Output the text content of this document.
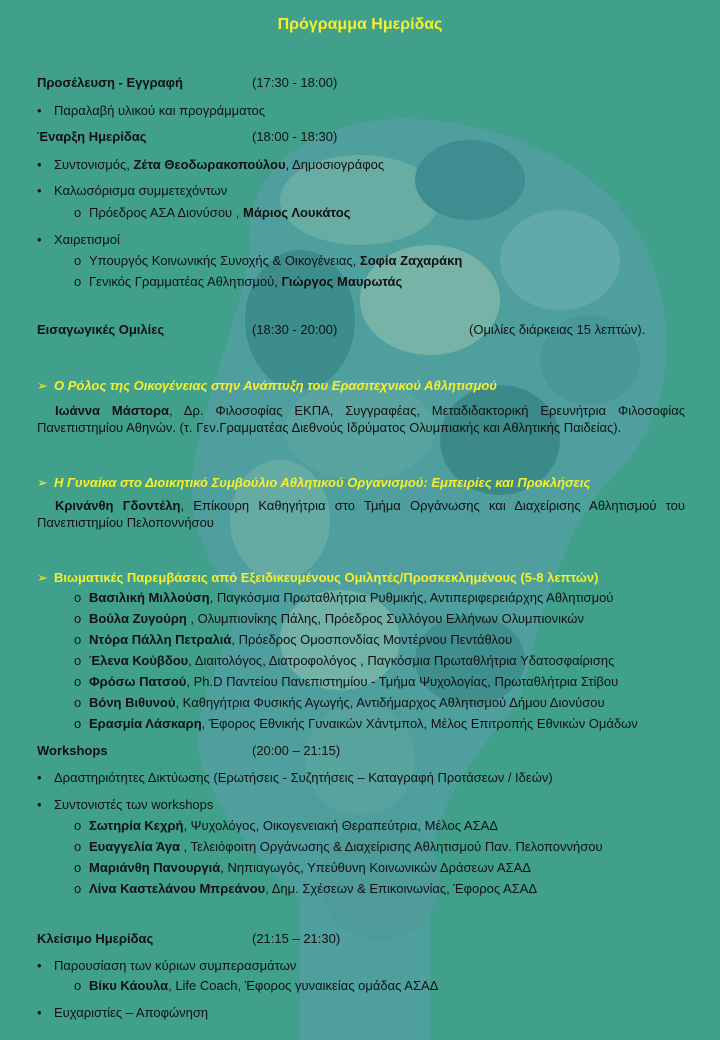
Πρόγραμμα Ημερίδας
Προσέλευση - Εγγραφή	(17:30 - 18:00)
• Παραλαβή υλικού και προγράμματος
Έναρξη Ημερίδας	(18:00 - 18:30)
• Συντονισμός, Ζέτα Θεοδωρακοπούλου, Δημοσιογράφος
• Καλωσόρισμα συμμετεχόντων
o Πρόεδρος ΑΣΑ Διονύσου , Μάριος Λουκάτος
• Χαιρετισμοί
o Υπουργός Κοινωνικής Συνοχής & Οικογένειας, Σοφία Ζαχαράκη
o Γενικός Γραμματέας Αθλητισμού, Γιώργος Μαυρωτάς
Εισαγωγικές Ομιλίες	(18:30 - 20:00)	(Ομιλίες διάρκειας 15 λεπτών).
➢ Ο Ρόλος της Οικογένειας στην Ανάπτυξη του Ερασιτεχνικού Αθλητισμού
Ιωάννα Μάστορα, Δρ. Φιλοσοφίας ΕΚΠΑ, Συγγραφέας, Μεταδιδακτορική Ερευνήτρια Φιλοσοφίας Πανεπιστημίου Αθηνών. (τ. Γεν.Γραμματέας Διεθνούς Ιδρύματος Ολυμπιακής και Αθλητικής Παιδείας).
➢ Η Γυναίκα στο Διοικητικό Συμβούλιο Αθλητικού Οργανισμού: Εμπειρίες και Προκλήσεις
Κρινάνθη Γδοντέλη, Επίκουρη Καθηγήτρια στο Τμήμα Οργάνωσης και Διαχείρισης Αθλητισμού του Πανεπιστημίου Πελοποννήσου
➢ Βιωματικές Παρεμβάσεις από Εξειδικευμένους Ομιλητές/Προσκεκλημένους (5-8 λεπτών)
o Βασιλική Μιλλούση, Παγκόσμια Πρωταθλήτρια Ρυθμικής, Αντιπεριφερειάρχης Αθλητισμού
o Βούλα Ζυγούρη , Ολυμπιονίκης Πάλης, Πρόεδρος Συλλόγου Ελλήνων Ολυμπιονικών
o Ντόρα Πάλλη Πετραλιά, Πρόεδρος Ομοσπονδίας Μοντέρνου Πεντάθλου
o Έλενα Κούβδου, Διαιτολόγος, Διατροφολόγος , Παγκόσμια Πρωταθλήτρια Υδατοσφαίρισης
o Φρόσω Πατσού, Ph.D Παντείου Πανεπιστημίου - Τμήμα Ψυχολογίας, Πρωταθλήτρια Στίβου
o Βόνη Βιθυνού, Καθηγήτρια Φυσικής Αγωγής, Αντιδήμαρχος Αθλητισμού Δήμου Διονύσου
o Ερασμία Λάσκαρη, Έφορος Εθνικής Γυναικών Χάντμπολ, Μέλος Επιτροπής Εθνικών Ομάδων
Workshops	(20:00 – 21:15)
• Δραστηριότητες Δικτύωσης (Ερωτήσεις - Συζητήσεις – Καταγραφή Προτάσεων / Ιδεών)
• Συντονιστές των workshops
o Σωτηρία Κεχρή, Ψυχολόγος, Οικογενειακή Θεραπεύτρια, Μέλος ΑΣΑΔ
o Ευαγγελία Άγα , Τελειόφοιτη Οργάνωσης & Διαχείρισης Αθλητισμού Παν. Πελοποννήσου
o Μαριάνθη Πανουργιά, Νηπιαγωγός, Υπεύθυνη Κοινωνικών Δράσεων ΑΣΑΔ
o Λίνα Καστελάνου Μπρεάνου, Δημ. Σχέσεων & Επικοινωνίας, Έφορος ΑΣΑΔ
Κλείσιμο Ημερίδας	(21:15 – 21:30)
• Παρουσίαση των κύριων συμπερασμάτων
o Βίκυ Κάουλα, Life Coach, Έφορος γυναικείας ομάδας ΑΣΑΔ
• Ευχαριστίες – Αποφώνηση
